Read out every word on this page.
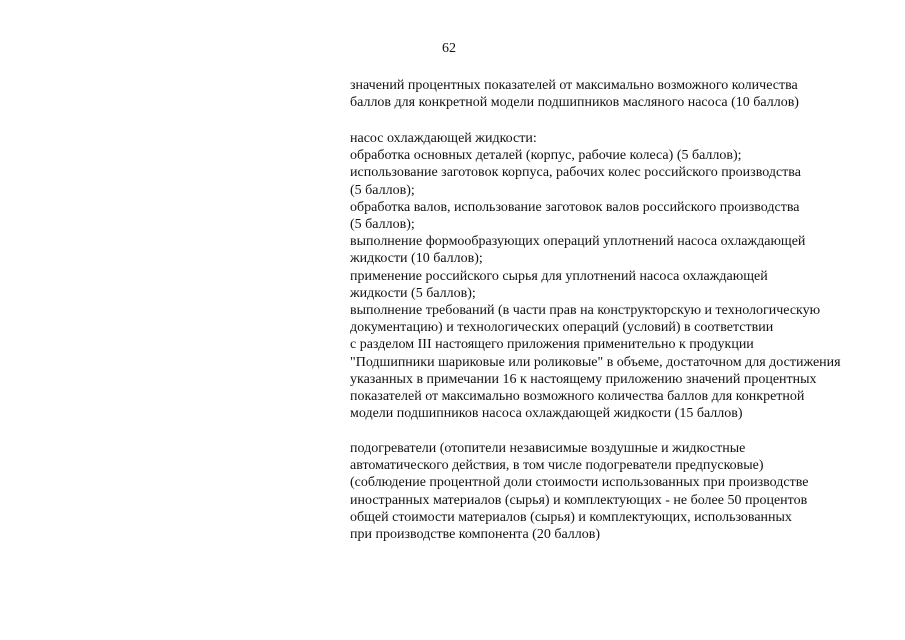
62
значений процентных показателей от максимально возможного количества
баллов для конкретной модели подшипников масляного насоса (10 баллов)
насос охлаждающей жидкости:
обработка основных деталей (корпус, рабочие колеса) (5 баллов);
использование заготовок корпуса, рабочих колес российского производства
(5 баллов);
обработка валов, использование заготовок валов российского производства
(5 баллов);
выполнение формообразующих операций уплотнений насоса охлаждающей
жидкости (10 баллов);
применение российского сырья для уплотнений насоса охлаждающей
жидкости (5 баллов);
выполнение требований (в части прав на конструкторскую и технологическую
документацию) и технологических операций (условий) в соответствии
с разделом III настоящего приложения применительно к продукции
"Подшипники шариковые или роликовые" в объеме, достаточном для достижения
указанных в примечании 16 к настоящему приложению значений процентных
показателей от максимально возможного количества баллов для конкретной
модели подшипников насоса охлаждающей жидкости (15 баллов)
подогреватели (отопители независимые воздушные и жидкостные
автоматического действия, в том числе подогреватели предпусковые)
(соблюдение процентной доли стоимости использованных при производстве
иностранных материалов (сырья) и комплектующих - не более 50 процентов
общей стоимости материалов (сырья) и комплектующих, использованных
при производстве компонента (20 баллов)
